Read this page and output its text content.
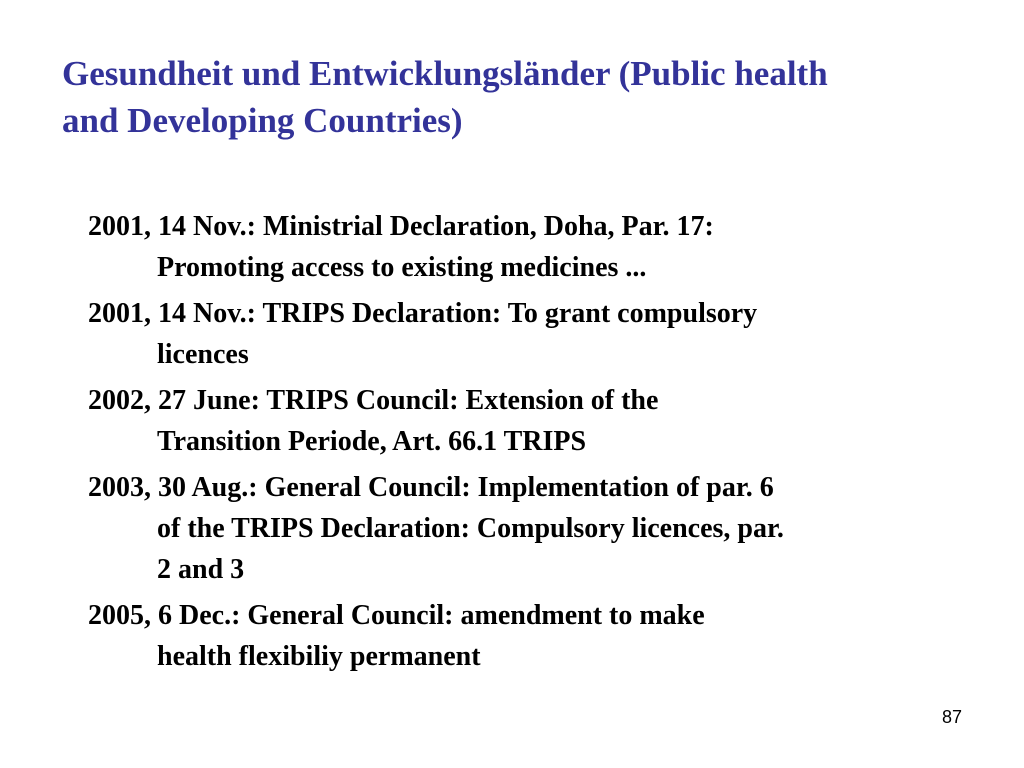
Gesundheit und Entwicklungsländer (Public health
and Developing Countries)
2001, 14 Nov.: Ministrial Declaration, Doha, Par. 17:
Promoting access to existing medicines ...
2001, 14 Nov.: TRIPS Declaration: To grant compulsory
licences
2002, 27 June: TRIPS Council: Extension of the
Transition Periode, Art. 66.1 TRIPS
2003, 30 Aug.: General Council: Implementation of par. 6
of the TRIPS Declaration: Compulsory licences, par.
2 and 3
2005, 6 Dec.: General Council: amendment to make
health flexibiliy permanent
87
